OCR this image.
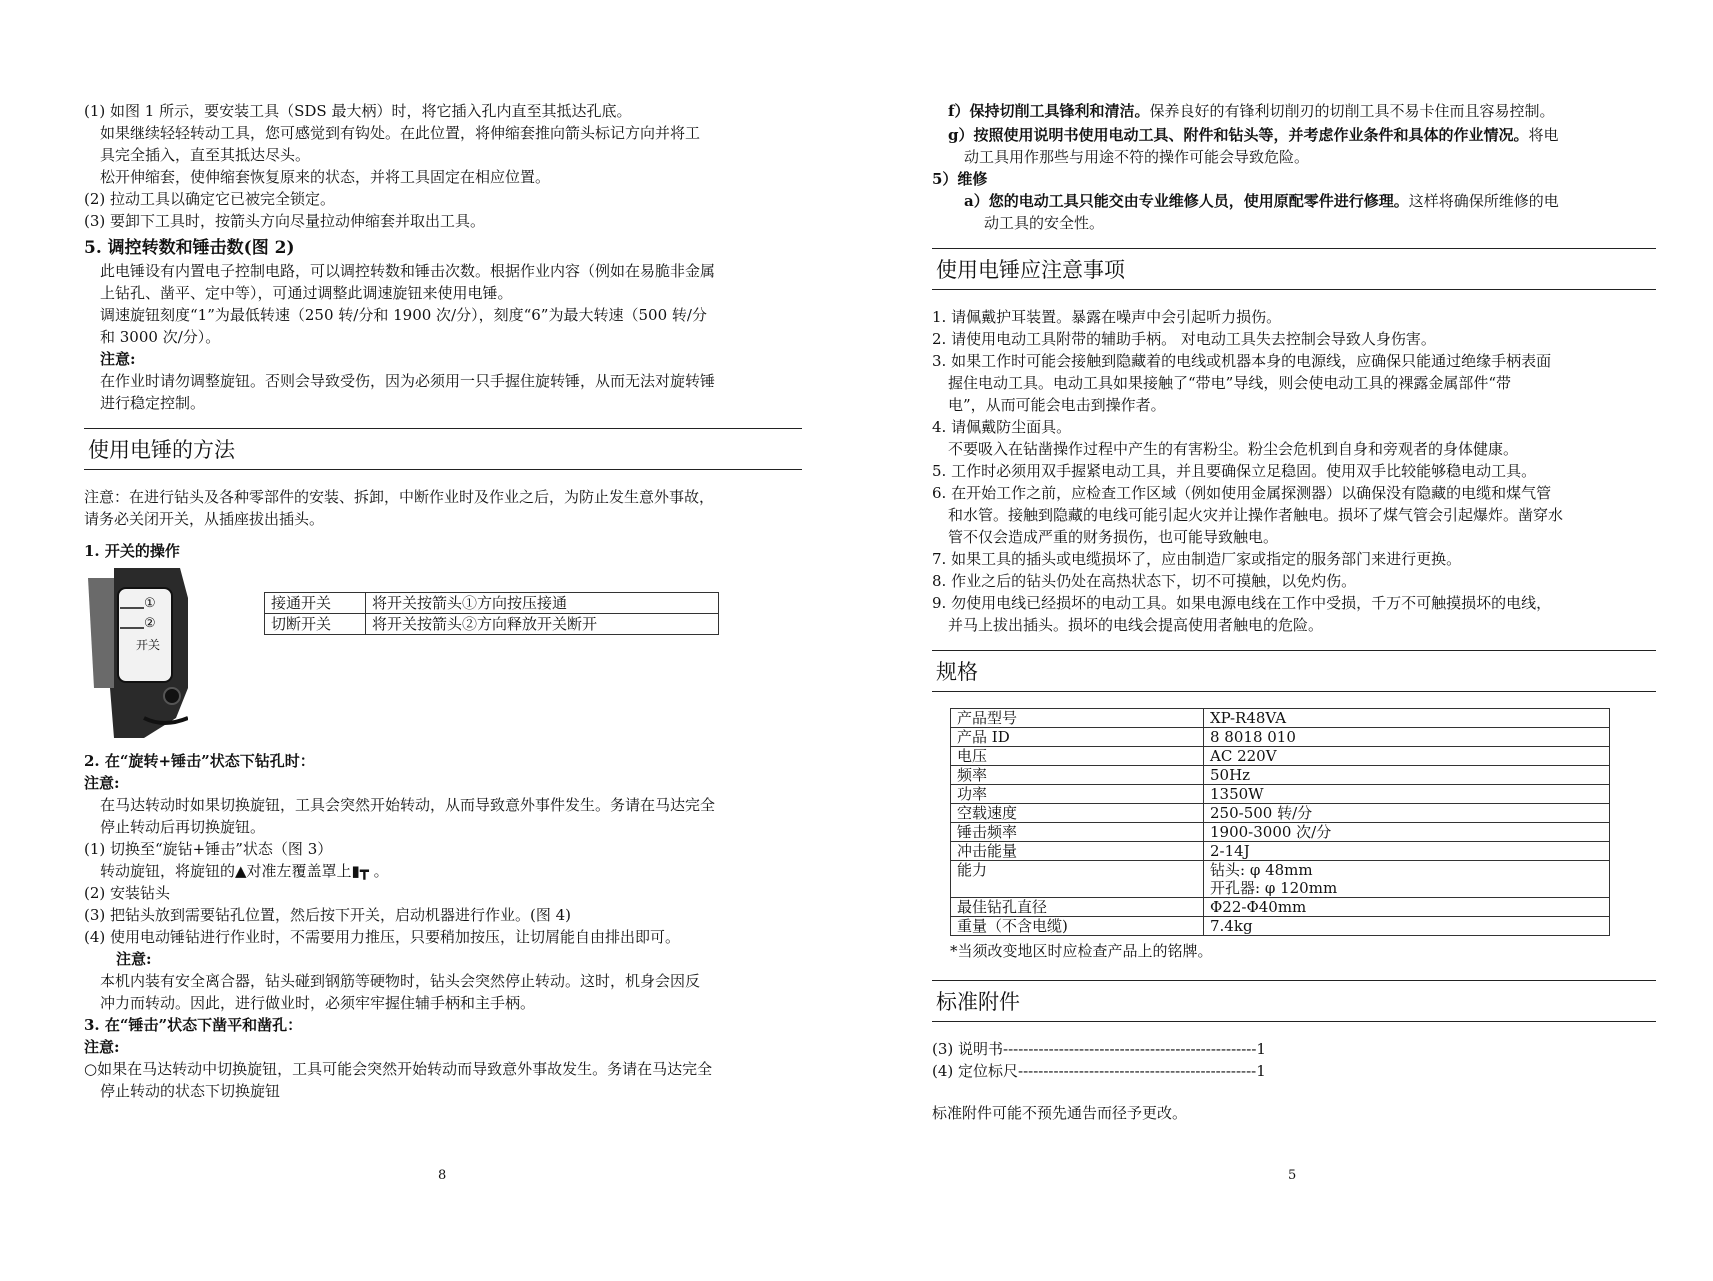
(1) 如图 1 所示，要安装工具（SDS 最大柄）时，将它插入孔内直至其抵达孔底。

如果继续轻轻转动工具，您可感觉到有钩处。在此位置，将伸缩套推向箭头标记方向并将工

具完全插入，直至其抵达尽头。

松开伸缩套，使伸缩套恢复原来的状态，并将工具固定在相应位置。

(2) 拉动工具以确定它已被完全锁定。

(3) 要卸下工具时，按箭头方向尽量拉动伸缩套并取出工具。

5. 调控转数和锤击数(图 2)

此电锤设有内置电子控制电路，可以调控转数和锤击次数。根据作业内容（例如在易脆非金属

上钻孔、凿平、定中等），可通过调整此调速旋钮来使用电锤。

调速旋钮刻度“1”为最低转速（250 转/分和 1900 次/分），刻度“6”为最大转速（500 转/分

和 3000 次/分）。

注意:

在作业时请勿调整旋钮。否则会导致受伤，因为必须用一只手握住旋转锤，从而无法对旋转锤

进行稳定控制。

使用电锤的方法

注意：在进行钻头及各种零部件的安装、拆卸，中断作业时及作业之后，为防止发生意外事故，

请务必关闭开关，从插座拔出插头。

1. 开关的操作

①
②
开关
接通开关	将开关按箭头①方向按压接通
切断开关	将开关按箭头②方向释放开关断开

2. 在“旋转+锤击”状态下钻孔时：

注意:

在马达转动时如果切换旋钮，工具会突然开始转动，从而导致意外事件发生。务请在马达完全

停止转动后再切换旋钮。

(1) 切换至“旋钻+锤击”状态（图 3）

转动旋钮，将旋钮的▲对准左覆盖罩上▮┳ 。

(2) 安装钻头

(3) 把钻头放到需要钻孔位置，然后按下开关，启动机器进行作业。(图 4)

(4) 使用电动锤钻进行作业时，不需要用力推压，只要稍加按压，让切屑能自由排出即可。

注意:

本机内装有安全离合器，钻头碰到钢筋等硬物时，钻头会突然停止转动。这时，机身会因反

冲力而转动。因此，进行做业时，必须牢牢握住辅手柄和主手柄。

3. 在“锤击”状态下凿平和凿孔：

注意:

○如果在马达转动中切换旋钮，工具可能会突然开始转动而导致意外事故发生。务请在马达完全

停止转动的状态下切换旋钮

8

f）保持切削工具锋利和清洁。保养良好的有锋利切削刃的切削工具不易卡住而且容易控制。

g）按照使用说明书使用电动工具、附件和钻头等，并考虑作业条件和具体的作业情况。将电

动工具用作那些与用途不符的操作可能会导致危险。

5）维修

a）您的电动工具只能交由专业维修人员，使用原配零件进行修理。这样将确保所维修的电

动工具的安全性。

使用电锤应注意事项

1. 请佩戴护耳装置。暴露在噪声中会引起听力损伤。

2. 请使用电动工具附带的辅助手柄。 对电动工具失去控制会导致人身伤害。

3. 如果工作时可能会接触到隐藏着的电线或机器本身的电源线，应确保只能通过绝缘手柄表面

握住电动工具。电动工具如果接触了“带电”导线，则会使电动工具的裸露金属部件“带

电”，从而可能会电击到操作者。

4. 请佩戴防尘面具。

不要吸入在钻凿操作过程中产生的有害粉尘。粉尘会危机到自身和旁观者的身体健康。

5. 工作时必须用双手握紧电动工具，并且要确保立足稳固。使用双手比较能够稳电动工具。

6. 在开始工作之前，应检查工作区域（例如使用金属探测器）以确保没有隐藏的电缆和煤气管

和水管。接触到隐藏的电线可能引起火灾并让操作者触电。损坏了煤气管会引起爆炸。凿穿水

管不仅会造成严重的财务损伤，也可能导致触电。

7. 如果工具的插头或电缆损坏了，应由制造厂家或指定的服务部门来进行更换。

8. 作业之后的钻头仍处在高热状态下，切不可摸触，以免灼伤。

9. 勿使用电线已经损坏的电动工具。如果电源电线在工作中受损，千万不可触摸损坏的电线，

并马上拔出插头。损坏的电线会提高使用者触电的危险。

规格
产品型号	XP-R48VA
产品 ID	8 8018 010
电压	AC 220V
频率	50Hz
功率	1350W
空载速度	250-500 转/分
锤击频率	1900-3000 次/分
冲击能量	2-14J
能力	钻头: φ 48mm
	开孔器: φ 120mm
最佳钻孔直径	Φ22-Φ40mm
重量（不含电缆)	7.4kg

*当须改变地区时应检查产品上的铭牌。

标准附件

(3) 说明书--------------------------------------------------1

(4) 定位标尺-----------------------------------------------1

标准附件可能不预先通告而径予更改。

5
